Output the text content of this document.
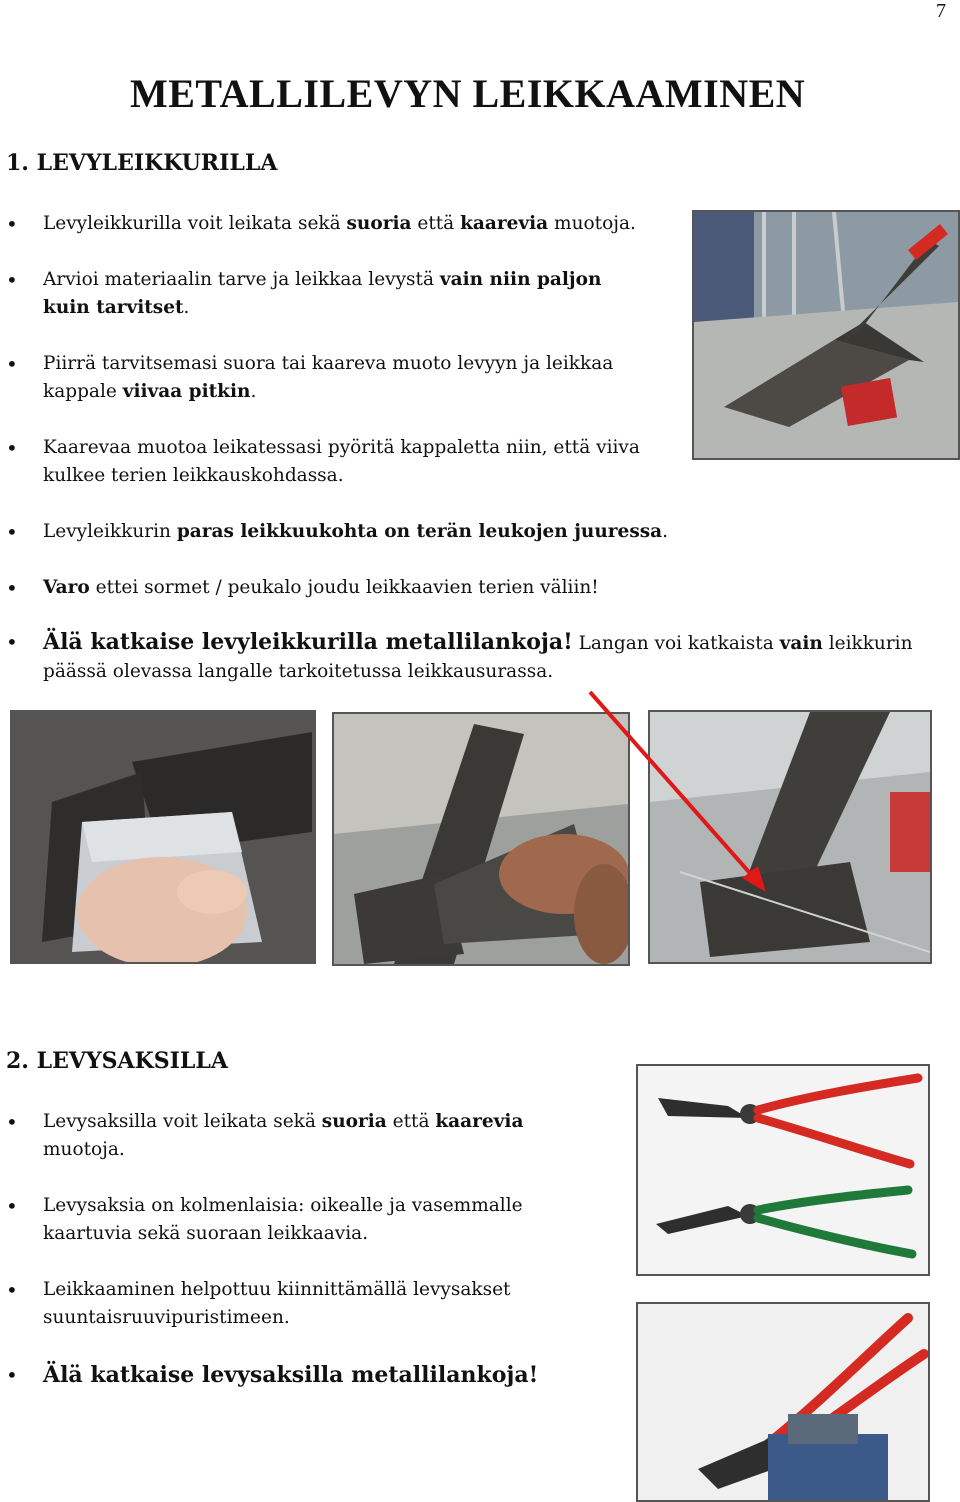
7
METALLILEVYN LEIKKAAMINEN
1. LEVYLEIKKURILLA
• Levyleikkurilla voit leikata sekä suoria että kaarevia muotoja.
• Arvioi materiaalin tarve ja leikkaa levystä vain niin paljon kuin tarvitset.
• Piirrä tarvitsemasi suora tai kaareva muoto levyyn ja leikkaa kappale viivaa pitkin.
• Kaarevaa muotoa leikatessasi pyöritä kappaletta niin, että viiva kulkee terien leikkauskohdassa.
• Levyleikkurin paras leikkuukohta on terän leukojen juuressa.
• Varo ettei sormet / peukalo joudu leikkaavien terien väliin!
• Älä katkaise levyleikkurilla metallilankoja! Langan voi katkaista vain leikkurin päässä olevassa langalle tarkoitetussa leikkausurassa.
2. LEVYSAKSILLA
• Levysaksilla voit leikata sekä suoria että kaarevia muotoja.
• Levysaksia on kolmenlaisia: oikealle ja vasemmalle kaartuvia sekä suoraan leikkaavia.
• Leikkaaminen helpottuu kiinnittämällä levysakset suuntaisruuvipuristimeen.
• Älä katkaise levysaksilla metallilankoja!
